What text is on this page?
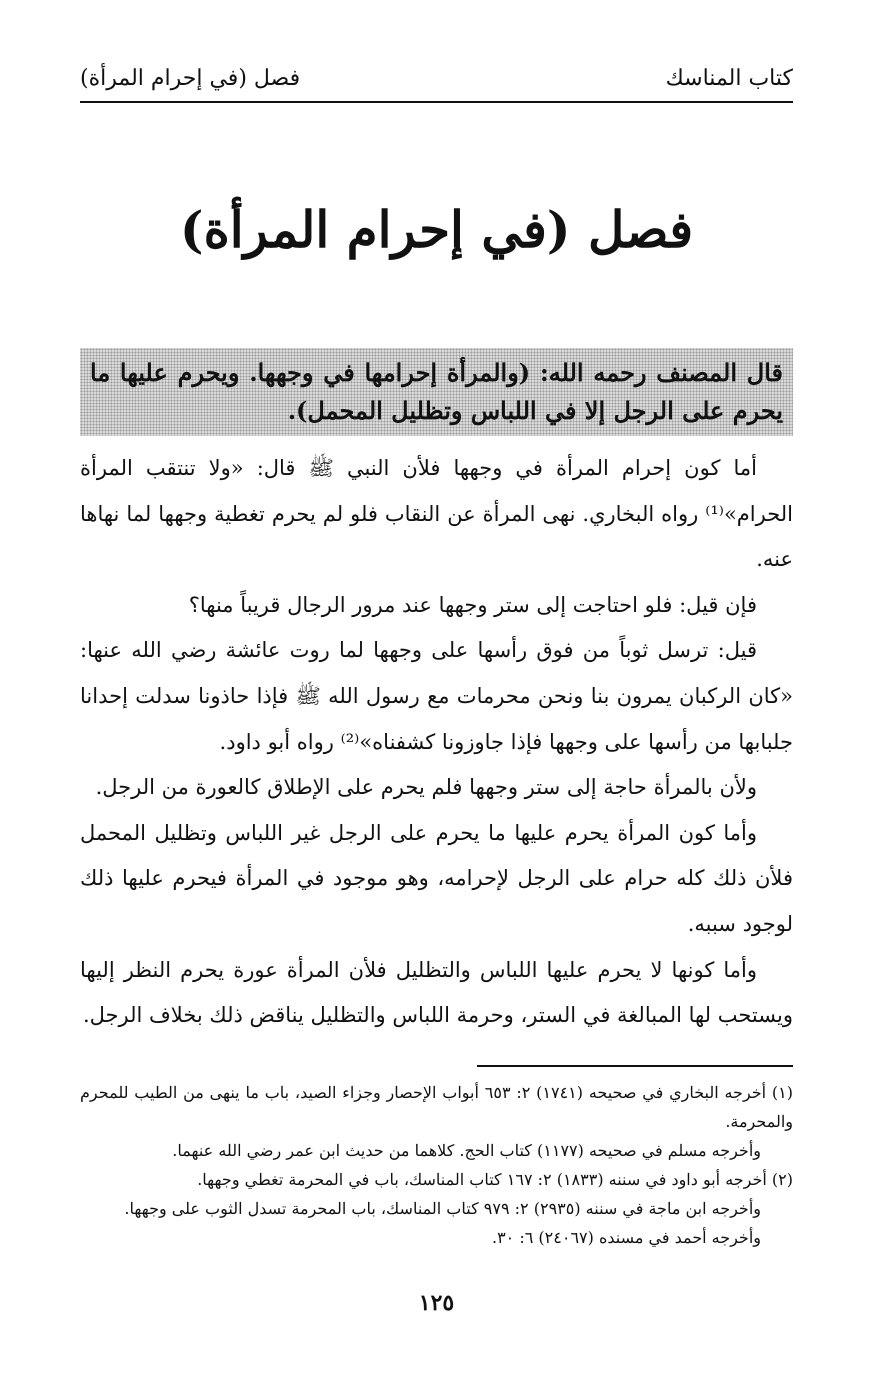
كتاب المناسك
فصل (في إحرام المرأة)
فصل (في إحرام المرأة)
قال المصنف رحمه الله: (والمرأة إحرامها في وجهها. ويحرم عليها ما يحرم على الرجل إلا في اللباس وتظليل المحمل).

أما كون إحرام المرأة في وجهها فلأن النبي ﷺ قال: «ولا تنتقب المرأة الحرام»⁽¹⁾ رواه البخاري. نهى المرأة عن النقاب فلو لم يحرم تغطية وجهها لما نهاها عنه.

فإن قيل: فلو احتاجت إلى ستر وجهها عند مرور الرجال قريباً منها؟

قيل: ترسل ثوباً من فوق رأسها على وجهها لما روت عائشة رضي الله عنها: «كان الركبان يمرون بنا ونحن محرمات مع رسول الله ﷺ فإذا حاذونا سدلت إحدانا جلبابها من رأسها على وجهها فإذا جاوزونا كشفناه»⁽²⁾ رواه أبو داود.

ولأن بالمرأة حاجة إلى ستر وجهها فلم يحرم على الإطلاق كالعورة من الرجل.

وأما كون المرأة يحرم عليها ما يحرم على الرجل غير اللباس وتظليل المحمل فلأن ذلك كله حرام على الرجل لإحرامه، وهو موجود في المرأة فيحرم عليها ذلك لوجود سببه.

وأما كونها لا يحرم عليها اللباس والتظليل فلأن المرأة عورة يحرم النظر إليها ويستحب لها المبالغة في الستر، وحرمة اللباس والتظليل يناقض ذلك بخلاف الرجل.

(١) أخرجه البخاري في صحيحه (١٧٤١) ٢: ٦٥٣ أبواب الإحصار وجزاء الصيد، باب ما ينهى من الطيب للمحرم والمحرمة.

وأخرجه مسلم في صحيحه (١١٧٧) كتاب الحج. كلاهما من حديث ابن عمر رضي الله عنهما.

(٢) أخرجه أبو داود في سننه (١٨٣٣) ٢: ١٦٧ كتاب المناسك، باب في المحرمة تغطي وجهها.

وأخرجه ابن ماجة في سننه (٢٩٣٥) ٢: ٩٧٩ كتاب المناسك، باب المحرمة تسدل الثوب على وجهها.

وأخرجه أحمد في مسنده (٢٤٠٦٧) ٦: ٣٠.

١٢٥
